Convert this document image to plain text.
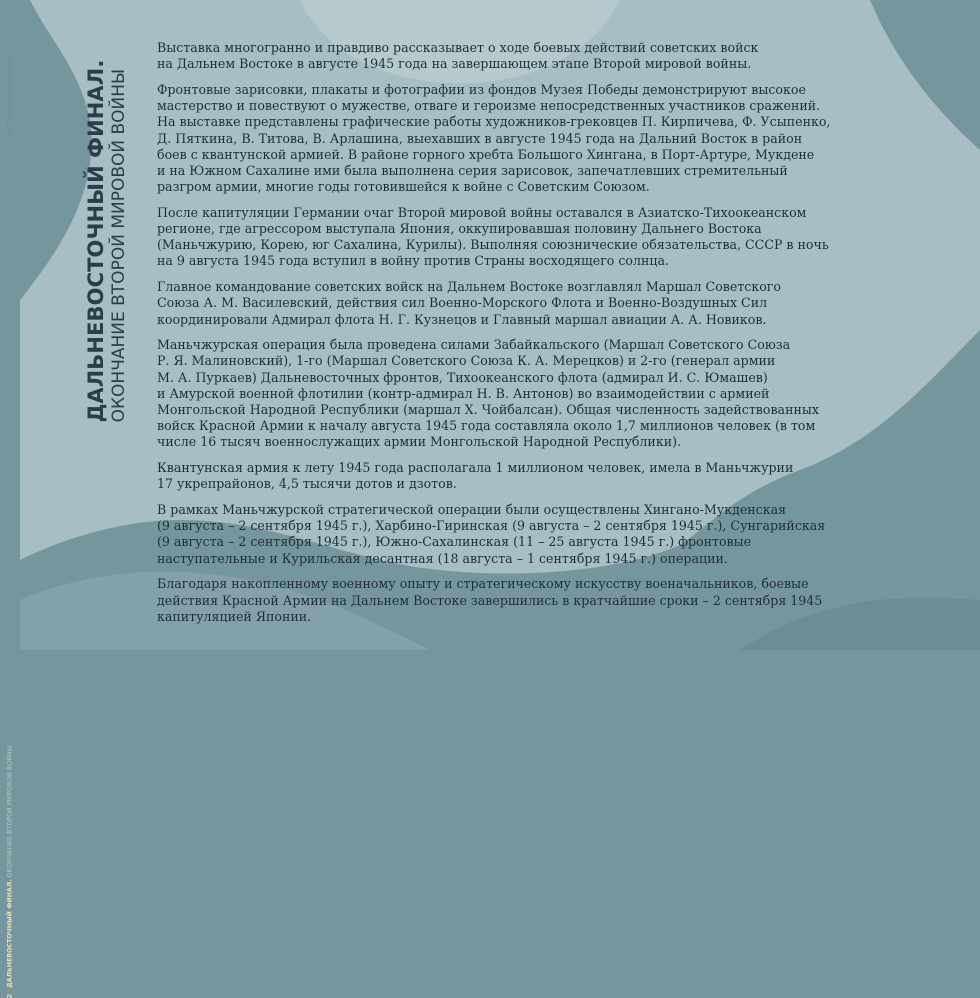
VICTORYMUSEUM.RU	ДАЛЬНЕВОСТОЧНЫЙ ФИНАЛ. ОКОНЧАНИЕ ВТОРОЙ МИРОВОЙ ВОЙНЫ

Выставка многогранно и правдиво рассказывает о ходе боевых действий советских войск
на Дальнем Востоке в августе 1945 года на завершающем этапе Второй мировой войны.

Фронтовые зарисовки, плакаты и фотографии из фондов Музея Победы демонстрируют высокое
мастерство и повествуют о мужестве, отваге и героизме непосредственных участников сражений.
На выставке представлены графические работы художников-грековцев П. Кирпичева, Ф. Усыпенко,
Д. Пяткина, В. Титова, В. Арлашина, выехавших в августе 1945 года на Дальний Восток в район
боев с квантунской армией. В районе горного хребта Большого Хингана, в Порт-Артуре, Мукдене
и на Южном Сахалине ими была выполнена серия зарисовок, запечатлевших стремительный
разгром армии, многие годы готовившейся к войне с Советским Союзом.

После капитуляции Германии очаг Второй мировой войны оставался в Азиатско-Тихоокеанском
регионе, где агрессором выступала Япония, оккупировавшая половину Дальнего Востока
(Маньчжурию, Корею, юг Сахалина, Курилы). Выполняя союзнические обязательства, СССР в ночь
на 9 августа 1945 года вступил в войну против Страны восходящего солнца.

Главное командование советских войск на Дальнем Востоке возглавлял Маршал Советского
Союза А. М. Василевский, действия сил Военно-Морского Флота и Военно-Воздушных Сил
координировали Адмирал флота Н. Г. Кузнецов и Главный маршал авиации А. А. Новиков.

Маньчжурская операция была проведена силами Забайкальского (Маршал Советского Союза
Р. Я. Малиновский), 1-го (Маршал Советского Союза К. А. Мерецков) и 2-го (генерал армии
М. А. Пуркаев) Дальневосточных фронтов, Тихоокеанского флота (адмирал И. С. Юмашев)
и Амурской военной флотилии (контр-адмирал Н. В. Антонов) во взаимодействии с армией
Монгольской Народной Республики (маршал Х. Чойбалсан). Общая численность задействованных
войск Красной Армии к началу августа 1945 года составляла около 1,7 миллионов человек (в том
числе 16 тысяч военнослужащих армии Монгольской Народной Республики).

Квантунская армия к лету 1945 года располагала 1 миллионом человек, имела в Маньчжурии
17 укрепрайонов, 4,5 тысячи дотов и дзотов.

В рамках Маньчжурской стратегической операции были осуществлены Хингано-Мукденская
(9 августа – 2 сентября 1945 г.), Харбино-Гиринская (9 августа – 2 сентября 1945 г.), Сунгарийская
(9 августа – 2 сентября 1945 г.), Южно-Сахалинская (11 – 25 августа 1945 г.) фронтовые
наступательные и Курильская десантная (18 августа – 1 сентября 1945 г.) операции.

Благодаря накопленному военному опыту и стратегическому искусству военачальников, боевые
действия Красной Армии на Дальнем Востоке завершились в кратчайшие сроки – 2 сентября 1945
капитуляцией Японии.

2ДАЛЬНЕВОСТОЧНЫЙ ФИНАЛ. ОКОНЧАНИЕ ВТОРОЙ МИРОВОЙ ВОЙНЫ
